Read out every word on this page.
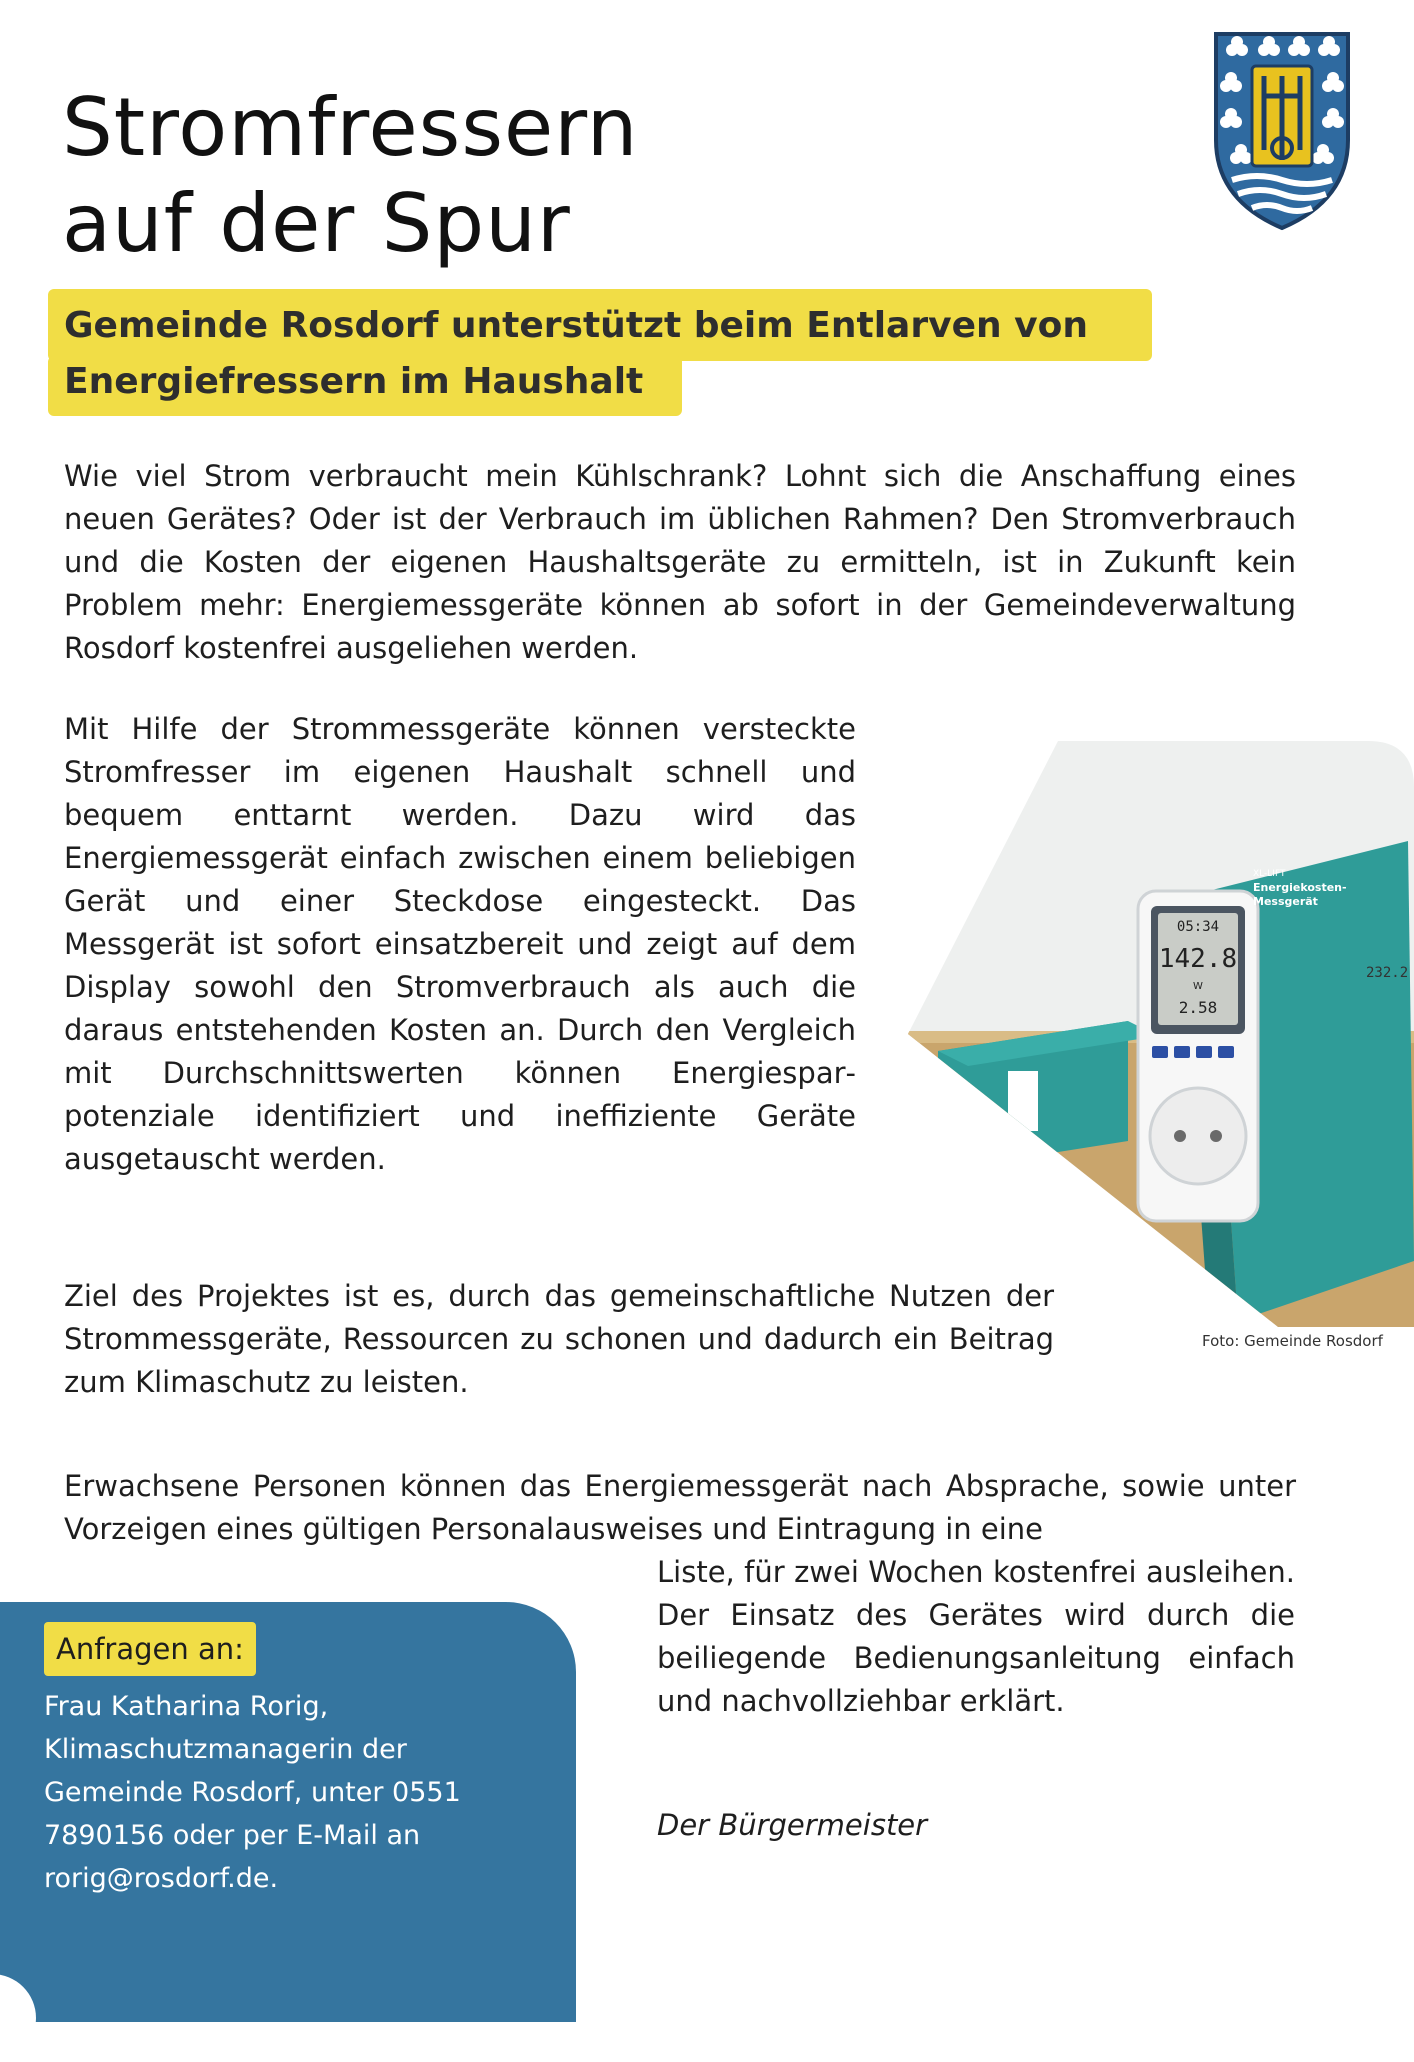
Stromfressern
auf der Spur
Gemeinde Rosdorf unterstützt beim Entlarven von
Energiefressern im Haushalt

Wie viel Strom verbraucht mein Kühlschrank? Lohnt sich die Anschaffung eines neuen Gerätes? Oder ist der Verbrauch im üblichen Rahmen? Den Stromverbrauch und die Kosten der eigenen Haushaltsgeräte zu ermitteln, ist in Zukunft kein Problem mehr: Energiemessgeräte können ab sofort in der Gemeindeverwaltung Rosdorf kostenfrei ausgeliehen werden.

Mit Hilfe der Strommessgeräte können versteckte Stromfresser im eigenen Haushalt schnell und bequem enttarnt werden. Dazu wird das Energiemessgerät einfach zwischen einem beliebigen Gerät und einer Steckdose eingesteckt. Das Messgerät ist sofort einsatzbereit und zeigt auf dem Display sowohl den Stromverbrauch als auch die daraus entstehenden Kosten an. Durch den Vergleich mit Durchschnittswerten können Energiesparpotenziale identifiziert und ineffiziente Geräte ausgetauscht werden.

05:34
142.8
W
2.58
XL-LIFT
Energiekosten-
Messgerät
232.2
Foto: Gemeinde Rosdorf

Ziel des Projektes ist es, durch das gemeinschaftliche Nutzen der Strommessgeräte, Ressourcen zu schonen und dadurch ein Beitrag zum Klimaschutz zu leisten.

Erwachsene Personen können das Energiemessgerät nach Absprache, sowie unter Vorzeigen eines gültigen Personalausweises und Eintragung in eine

Liste, für zwei Wochen kostenfrei ausleihen. Der Einsatz des Gerätes wird durch die beiliegende Bedienungsanleitung einfach und nachvollziehbar erklärt.

Der Bürgermeister

Anfragen an:

Frau Katharina Rorig, Klimaschutzmanagerin der Gemeinde Rosdorf, unter 0551 7890156 oder per E-Mail an rorig@rosdorf.de.
